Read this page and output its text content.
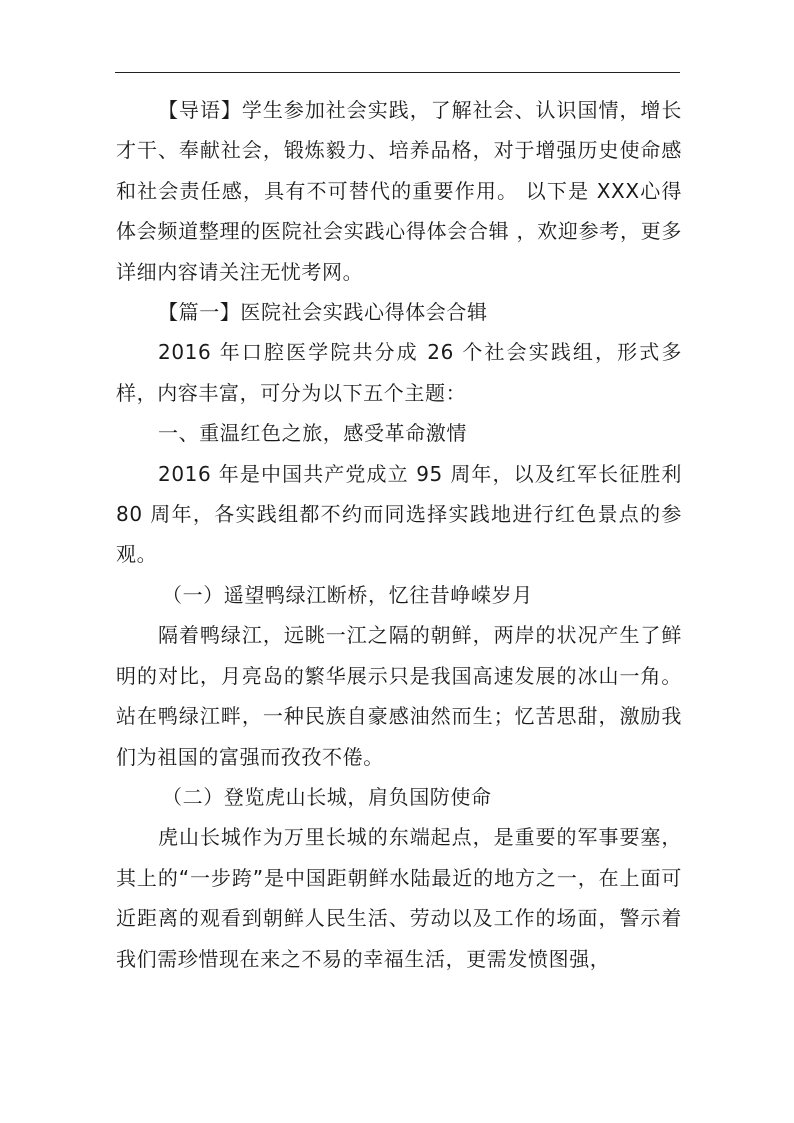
【导语】学生参加社会实践，了解社会、认识国情，增长才干、奉献社会，锻炼毅力、培养品格，对于增强历史使命感和社会责任感，具有不可替代的重要作用。 以下是 XXX心得体会频道整理的医院社会实践心得体会合辑 ，欢迎参考，更多详细内容请关注无忧考网。

【篇一】医院社会实践心得体会合辑

2016 年口腔医学院共分成 26 个社会实践组，形式多样，内容丰富，可分为以下五个主题：

一、重温红色之旅，感受革命激情

2016 年是中国共产党成立 95 周年，以及红军长征胜利 80 周年，各实践组都不约而同选择实践地进行红色景点的参观。

（一）遥望鸭绿江断桥，忆往昔峥嵘岁月

隔着鸭绿江，远眺一江之隔的朝鲜，两岸的状况产生了鲜明的对比，月亮岛的繁华展示只是我国高速发展的冰山一角。站在鸭绿江畔，一种民族自豪感油然而生；忆苦思甜，激励我们为祖国的富强而孜孜不倦。

（二）登览虎山长城，肩负国防使命

虎山长城作为万里长城的东端起点，是重要的军事要塞，其上的“一步跨”是中国距朝鲜水陆最近的地方之一，在上面可近距离的观看到朝鲜人民生活、劳动以及工作的场面，警示着我们需珍惜现在来之不易的幸福生活，更需发愤图强，
